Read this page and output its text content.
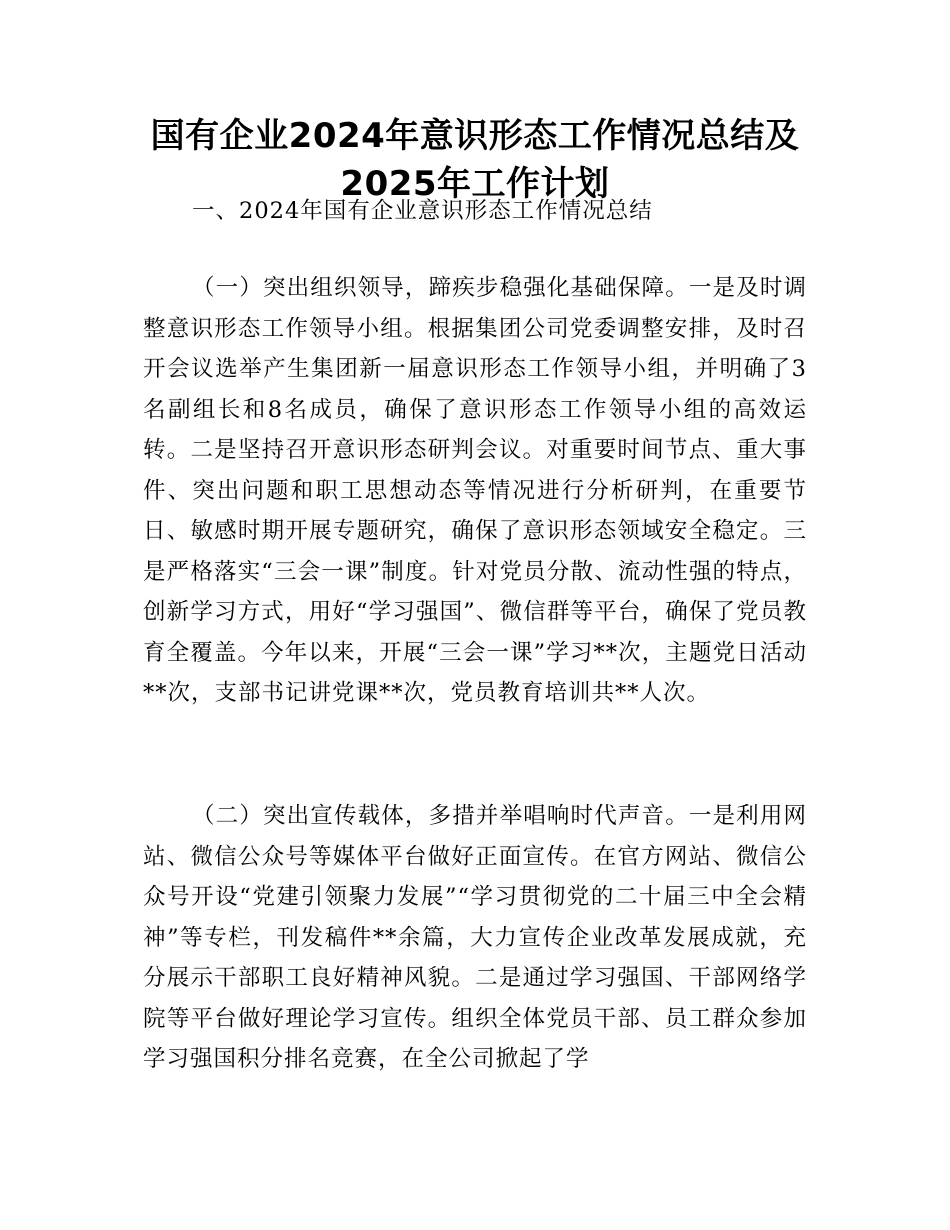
国有企业2024年意识形态工作情况总结及
2025年工作计划
一、2024年国有企业意识形态工作情况总结

（一）突出组织领导，蹄疾步稳强化基础保障。一是及时调整意识形态工作领导小组。根据集团公司党委调整安排，及时召开会议选举产生集团新一届意识形态工作领导小组，并明确了3名副组长和8名成员，确保了意识形态工作领导小组的高效运转。二是坚持召开意识形态研判会议。对重要时间节点、重大事件、突出问题和职工思想动态等情况进行分析研判，在重要节日、敏感时期开展专题研究，确保了意识形态领域安全稳定。三是严格落实“三会一课”制度。针对党员分散、流动性强的特点，创新学习方式，用好“学习强国”、微信群等平台，确保了党员教育全覆盖。今年以来，开展“三会一课”学习**次，主题党日活动**次，支部书记讲党课**次，党员教育培训共**人次。

（二）突出宣传载体，多措并举唱响时代声音。一是利用网站、微信公众号等媒体平台做好正面宣传。在官方网站、微信公众号开设“党建引领聚力发展”“学习贯彻党的二十届三中全会精神”等专栏，刊发稿件**余篇，大力宣传企业改革发展成就，充分展示干部职工良好精神风貌。二是通过学习强国、干部网络学院等平台做好理论学习宣传。组织全体党员干部、员工群众参加学习强国积分排名竞赛，在全公司掀起了学
